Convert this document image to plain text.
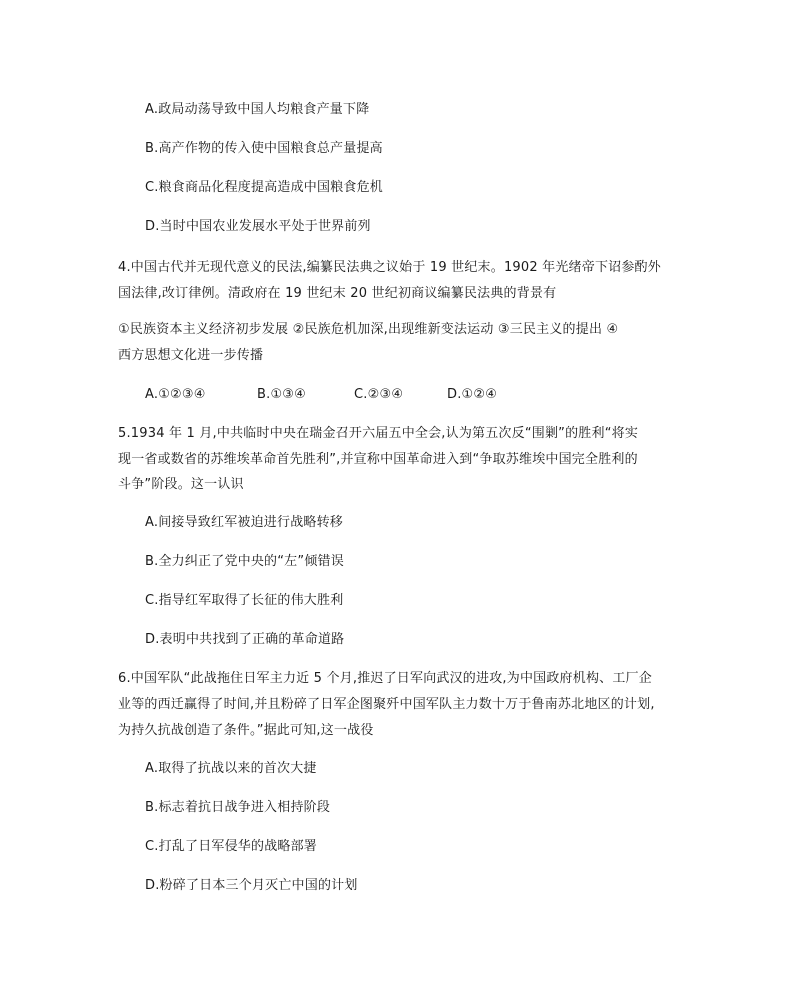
A.政局动荡导致中国人均粮食产量下降
B.高产作物的传入使中国粮食总产量提高
C.粮食商品化程度提高造成中国粮食危机
D.当时中国农业发展水平处于世界前列
4.中国古代并无现代意义的民法,编纂民法典之议始于 19 世纪末。1902 年光绪帝下诏参酌外
国法律,改订律例。清政府在 19 世纪末 20 世纪初商议编纂民法典的背景有
①民族资本主义经济初步发展 ②民族危机加深,出现维新变法运动 ③三民主义的提出 ④
西方思想文化进一步传播
A.①②③④	B.①③④	C.②③④	D.①②④
5.1934 年 1 月,中共临时中央在瑞金召开六届五中全会,认为第五次反“围剿”的胜利“将实
现一省或数省的苏维埃革命首先胜利”,并宣称中国革命进入到“争取苏维埃中国完全胜利的
斗争”阶段。这一认识
A.间接导致红军被迫进行战略转移
B.全力纠正了党中央的“左”倾错误
C.指导红军取得了长征的伟大胜利
D.表明中共找到了正确的革命道路
6.中国军队“此战拖住日军主力近 5 个月,推迟了日军向武汉的进攻,为中国政府机构、工厂企
业等的西迁赢得了时间,并且粉碎了日军企图聚歼中国军队主力数十万于鲁南苏北地区的计划,
为持久抗战创造了条件。”据此可知,这一战役
A.取得了抗战以来的首次大捷
B.标志着抗日战争进入相持阶段
C.打乱了日军侵华的战略部署
D.粉碎了日本三个月灭亡中国的计划
